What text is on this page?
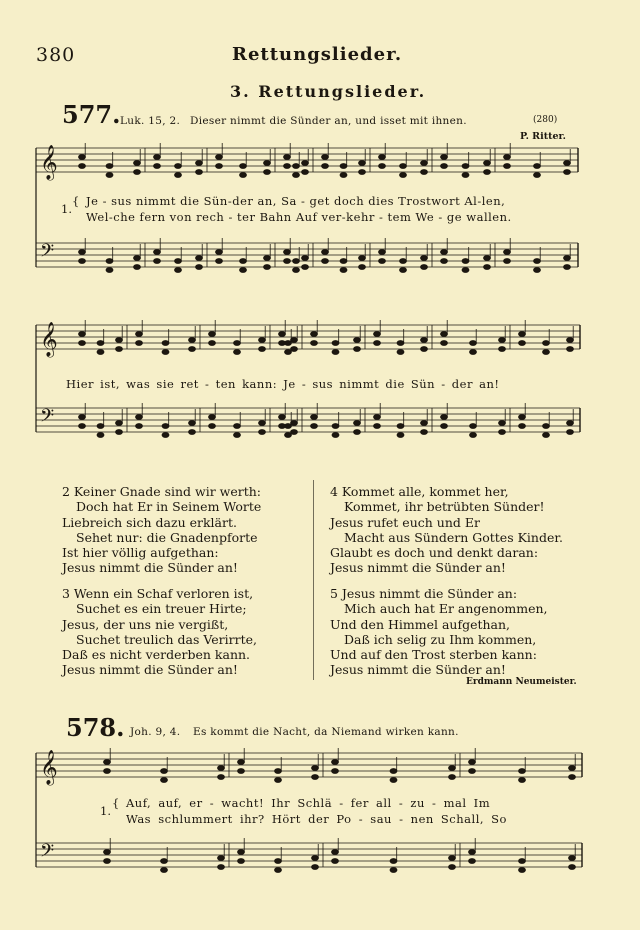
380	Rettungslieder.
3. Rettungslieder.
577. Luk. 15, 2. Dieser nimmt die Sünder an, und isset mit ihnen.	(280)
P. Ritter.
𝄞
𝄞
𝄞
𝄢
𝄢
𝄢
1.
{ Je - sus nimmt die Sün-der an, Sa - get doch dies Trostwort Al-len,
Wel-che fern von rech - ter Bahn Auf ver-kehr - tem We - ge wallen.
Hier ist, was sie ret - ten kann: Je - sus nimmt die Sün - der an!
2 Keiner Gnade sind wir werth:
Doch hat Er in Seinem Worte
Liebreich sich dazu erklärt.
Sehet nur: die Gnadenpforte
Ist hier völlig aufgethan:
Jesus nimmt die Sünder an!
3 Wenn ein Schaf verloren ist,
Suchet es ein treuer Hirte;
Jesus, der uns nie vergißt,
Suchet treulich das Verirrte,
Daß es nicht verderben kann.
Jesus nimmt die Sünder an!
4 Kommet alle, kommet her,
Kommet, ihr betrübten Sünder!
Jesus rufet euch und Er
Macht aus Sündern Gottes Kinder.
Glaubt es doch und denkt daran:
Jesus nimmt die Sünder an!
5 Jesus nimmt die Sünder an:
Mich auch hat Er angenommen,
Und den Himmel aufgethan,
Daß ich selig zu Ihm kommen,
Und auf den Trost sterben kann:
Jesus nimmt die Sünder an!
Erdmann Neumeister.
578. Joh. 9, 4. Es kommt die Nacht, da Niemand wirken kann.
1.
{ Auf, auf, er - wacht! Ihr Schlä - fer all - zu - mal Im
Was schlummert ihr? Hört der Po - sau - nen Schall, So
